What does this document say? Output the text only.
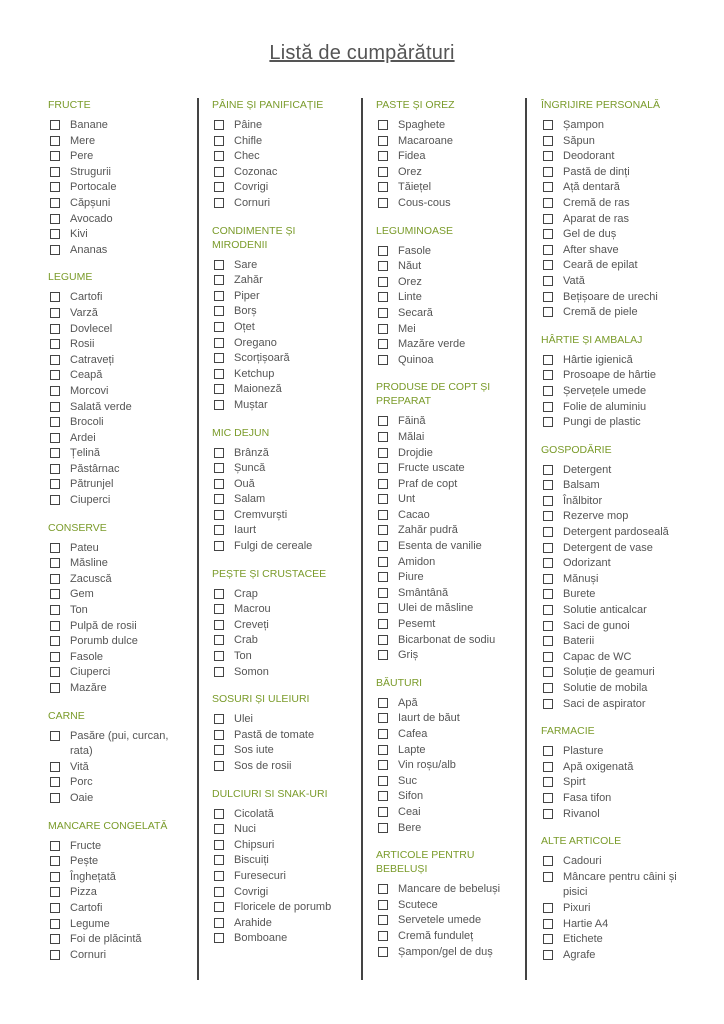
Listă de cumpărături
FRUCTE
Banane
Mere
Pere
Strugurii
Portocale
Căpșuni
Avocado
Kivi
Ananas
LEGUME
Cartofi
Varză
Dovlecel
Rosii
Catraveți
Ceapă
Morcovi
Salată verde
Brocoli
Ardei
Țelină
Păstârnac
Pătrunjel
Ciuperci
CONSERVE
Pateu
Măsline
Zacuscă
Gem
Ton
Pulpă de rosii
Porumb dulce
Fasole
Ciuperci
Mazăre
CARNE
Pasăre (pui, curcan, rata)
Vită
Porc
Oaie
MANCARE CONGELATĂ
Fructe
Pește
Înghețată
Pizza
Cartofi
Legume
Foi de plăcintă
Cornuri
PÂINE ȘI PANIFICAȚIE
Pâine
Chifle
Chec
Cozonac
Covrigi
Cornuri
CONDIMENTE ȘI MIRODENII
Sare
Zahăr
Piper
Borș
Oțet
Oregano
Scorțișoară
Ketchup
Maioneză
Muștar
MIC DEJUN
Brânză
Șuncă
Ouă
Salam
Cremvurști
Iaurt
Fulgi de cereale
PEȘTE ȘI CRUSTACEE
Crap
Macrou
Creveți
Crab
Ton
Somon
SOSURI ȘI ULEIURI
Ulei
Pastă de tomate
Sos iute
Sos de rosii
DULCIURI SI SNAK-URI
Cicolată
Nuci
Chipsuri
Biscuiți
Furesecuri
Covrigi
Floricele de porumb
Arahide
Bomboane
PASTE ȘI OREZ
Spaghete
Macaroane
Fidea
Orez
Tăiețel
Cous-cous
LEGUMINOASE
Fasole
Năut
Orez
Linte
Secară
Mei
Mazăre verde
Quinoa
PRODUSE DE COPT ȘI PREPARAT
Făină
Mălai
Drojdie
Fructe uscate
Praf de copt
Unt
Cacao
Zahăr pudră
Esenta de vanilie
Amidon
Piure
Smântână
Ulei de măsline
Pesemt
Bicarbonat de sodiu
Griș
BĂUTURI
Apă
Iaurt de băut
Cafea
Lapte
Vin roșu/alb
Suc
Sifon
Ceai
Bere
ARTICOLE PENTRU BEBELUȘI
Mancare de bebeluși
Scutece
Servetele umede
Cremă funduleț
Șampon/gel de duș
ÎNGRIJIRE PERSONALĂ
Șampon
Săpun
Deodorant
Pastă de dinți
Ață dentară
Cremă de ras
Aparat de ras
Gel de duș
After shave
Ceară de epilat
Vată
Bețișoare de urechi
Cremă de piele
HÂRTIE ȘI AMBALAJ
Hârtie igienică
Prosoape de hârtie
Șervețele umede
Folie de aluminiu
Pungi de plastic
GOSPODĂRIE
Detergent
Balsam
Înălbitor
Rezerve mop
Detergent pardoseală
Detergent de vase
Odorizant
Mănuși
Burete
Solutie anticalcar
Saci de gunoi
Baterii
Capac de WC
Soluție de geamuri
Solutie de mobila
Saci de aspirator
FARMACIE
Plasture
Apă oxigenată
Spirt
Fasa tifon
Rivanol
ALTE ARTICOLE
Cadouri
Mâncare pentru câini și pisici
Pixuri
Hartie A4
Etichete
Agrafe
